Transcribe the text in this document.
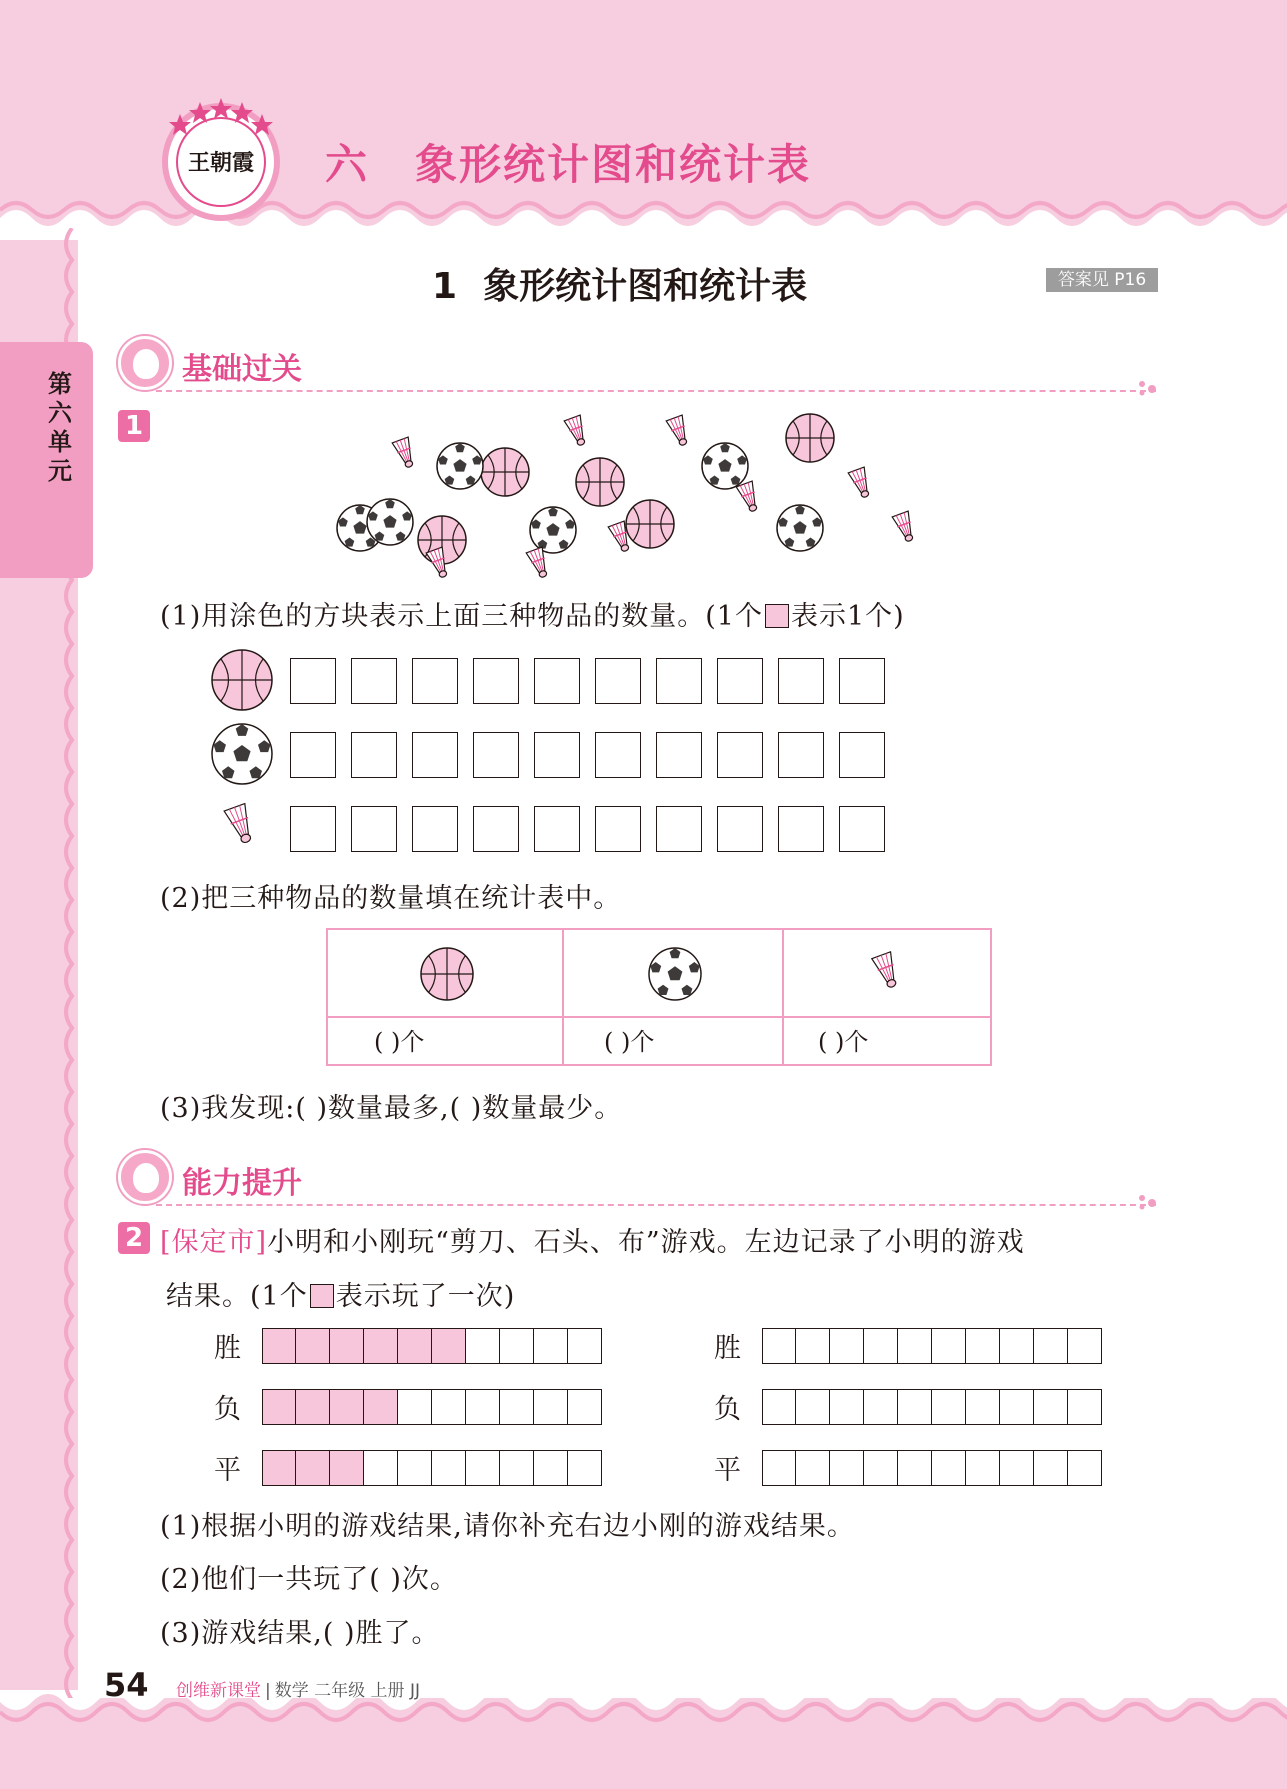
王朝霞 六 象形统计图和统计表
第六单元
1 象形统计图和统计表	答案见 P16
基础过关
1
(1)用涂色的方块表示上面三种物品的数量。(1个 表示1个)
(2)把三种物品的数量填在统计表中。
( )个	( )个	( )个
(3)我发现:( )数量最多,( )数量最少。
能力提升
2 [保定市]小明和小刚玩“剪刀、石头、布”游戏。左边记录了小明的游戏
结果。(1个 表示玩了一次)
胜
负
平
胜
负
平
(1)根据小明的游戏结果,请你补充右边小刚的游戏结果。
(2)他们一共玩了( )次。
(3)游戏结果,( )胜了。
54 创维新课堂 | 数学 二年级 上册 JJ
